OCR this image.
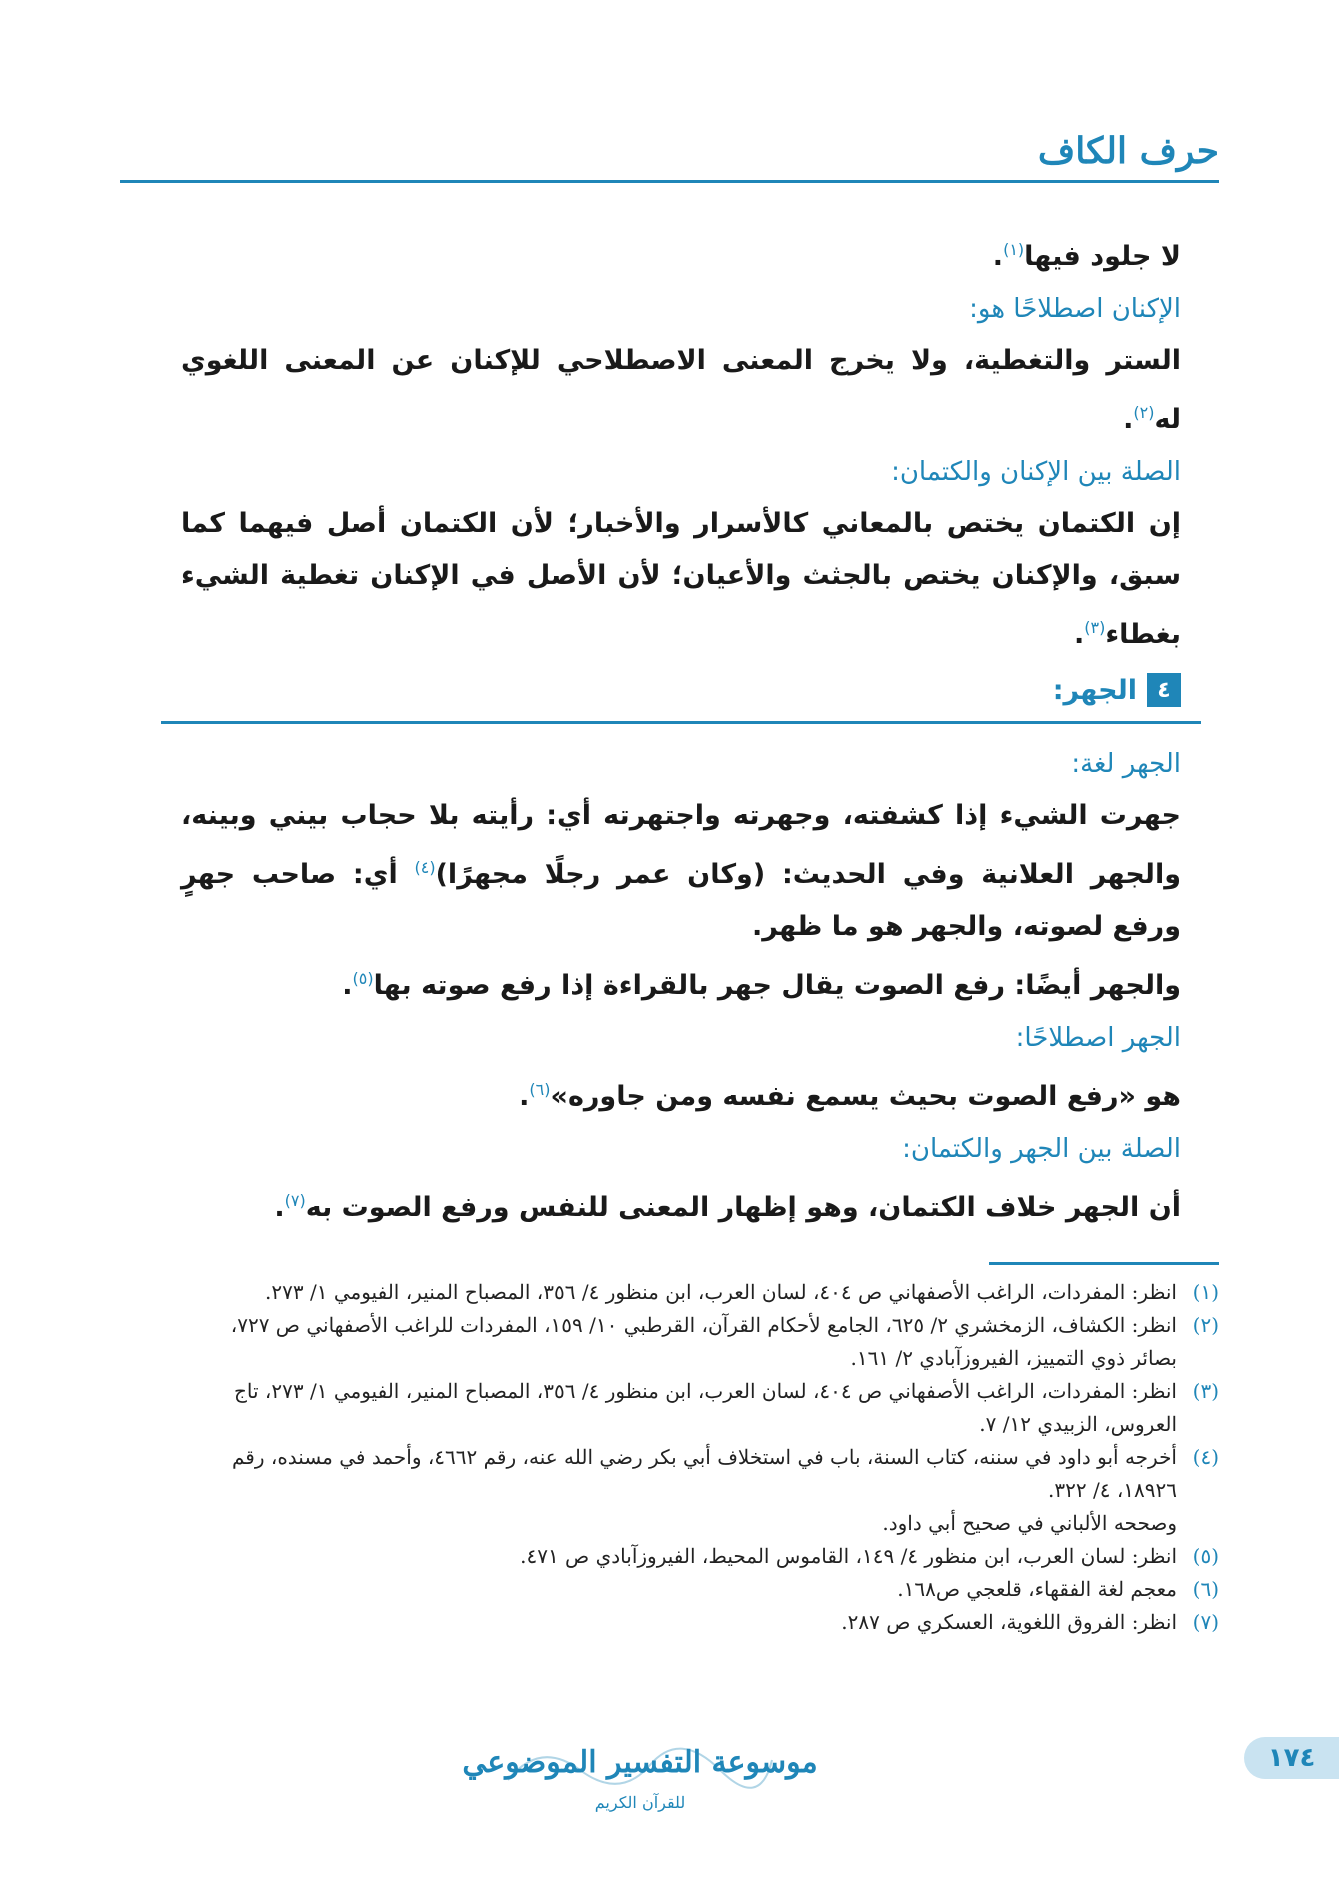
حرف الكاف

لا جلود فيها$^{(١)}$.

الإكنان اصطلاحًا هو:

الستر والتغطية، ولا يخرج المعنى الاصطلاحي للإكنان عن المعنى اللغوي له$^{(٢)}$.

الصلة بين الإكنان والكتمان:

إن الكتمان يختص بالمعاني كالأسرار والأخبار؛ لأن الكتمان أصل فيهما كما سبق، والإكنان يختص بالجثث والأعيان؛ لأن الأصل في الإكنان تغطية الشيء بغطاء$^{(٣)}$.

٤
الجهر:
الجهر لغة:

جهرت الشيء إذا كشفته، وجهرته واجتهرته أي: رأيته بلا حجاب بيني وبينه، والجهر العلانية وفي الحديث: (وكان عمر رجلًا مجهرًا)$^{(٤)}$ أي: صاحب جهرٍ ورفع لصوته، والجهر هو ما ظهر.

والجهر أيضًا: رفع الصوت يقال جهر بالقراءة إذا رفع صوته بها$^{(٥)}$.

الجهر اصطلاحًا:

هو «رفع الصوت بحيث يسمع نفسه ومن جاوره»$^{(٦)}$.

الصلة بين الجهر والكتمان:

أن الجهر خلاف الكتمان، وهو إظهار المعنى للنفس ورفع الصوت به$^{(٧)}$.

(١)
انظر: المفردات، الراغب الأصفهاني ص ٤٠٤، لسان العرب، ابن منظور ٤/ ٣٥٦، المصباح المنير، الفيومي ١/ ٢٧٣.
(٢)
انظر: الكشاف، الزمخشري ٢/ ٦٢٥، الجامع لأحكام القرآن، القرطبي ١٠/ ١٥٩، المفردات للراغب الأصفهاني ص ٧٢٧، بصائر ذوي التمييز، الفيروزآبادي ٢/ ١٦١.
(٣)
انظر: المفردات، الراغب الأصفهاني ص ٤٠٤، لسان العرب، ابن منظور ٤/ ٣٥٦، المصباح المنير، الفيومي ١/ ٢٧٣، تاج العروس، الزبيدي ١٢/ ٧.
(٤)
أخرجه أبو داود في سننه، كتاب السنة، باب في استخلاف أبي بكر رضي الله عنه، رقم ٤٦٦٢، وأحمد في مسنده، رقم ١٨٩٢٦، ٤/ ٣٢٢.
وصححه الألباني في صحيح أبي داود.
(٥)
انظر: لسان العرب، ابن منظور ٤/ ١٤٩، القاموس المحيط، الفيروزآبادي ص ٤٧١.
(٦)
معجم لغة الفقهاء، قلعجي ص١٦٨.
(٧)
انظر: الفروق اللغوية، العسكري ص ٢٨٧.
١٧٤
موسوعة التفسير الموضوعي
للقرآن الكريم
